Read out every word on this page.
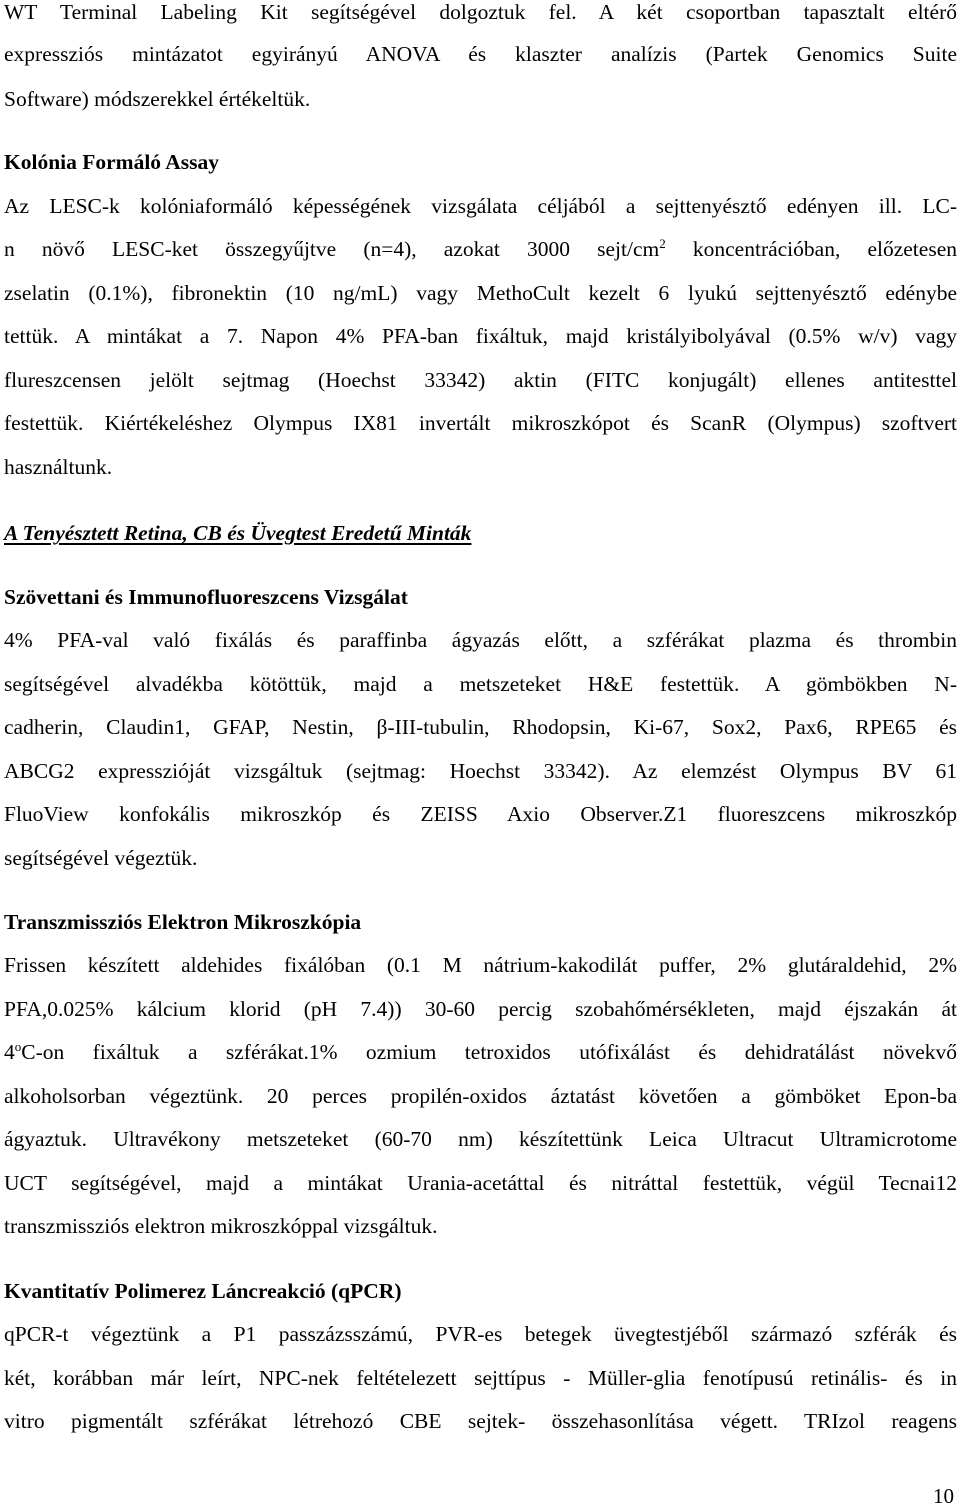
WT Terminal Labeling Kit segítségével dolgoztuk fel. A két csoportban tapasztalt eltérő
expressziós mintázatot egyirányú ANOVA és klaszter analízis (Partek Genomics Suite
Software) módszerekkel értékeltük.
Kolónia Formáló Assay
Az LESC-k kolóniaformáló képességének vizsgálata céljából a sejttenyésztő edényen ill. LC-
n növő LESC-ket összegyűjtve (n=4), azokat 3000 sejt/$cm^2$ koncentrációban, előzetesen
zselatin (0.1%), fibronektin (10 ng/mL) vagy MethoCult kezelt 6 lyukú sejttenyésztő edénybe
tettük. A mintákat a 7. Napon 4% PFA-ban fixáltuk, majd kristályibolyával (0.5% w/v) vagy
flureszcensen jelölt sejtmag (Hoechst 33342) aktin (FITC konjugált) ellenes antitesttel
festettük. Kiértékeléshez Olympus IX81 invertált mikroszkópot és ScanR (Olympus) szoftvert
használtunk.
A Tenyésztett Retina, CB és Üvegtest Eredetű Minták
Szövettani és Immunofluoreszcens Vizsgálat
4% PFA-val való fixálás és paraffinba ágyazás előtt, a szférákat plazma és thrombin
segítségével alvadékba kötöttük, majd a metszeteket H&E festettük. A gömbökben N-
cadherin, Claudin1, GFAP, Nestin, β-III-tubulin, Rhodopsin, Ki-67, Sox2, Pax6, RPE65 és
ABCG2 expresszióját vizsgáltuk (sejtmag: Hoechst 33342). Az elemzést Olympus BV 61
FluoView konfokális mikroszkóp és ZEISS Axio Observer.Z1 fluoreszcens mikroszkóp
segítségével végeztük.
Transzmissziós Elektron Mikroszkópia
Frissen készített aldehides fixálóban (0.1 M nátrium-kakodilát puffer, 2% glutáraldehid, 2%
PFA,0.025% kálcium klorid (pH 7.4)) 30-60 percig szobahőmérsékleten, majd éjszakán át
4$^o$C-on fixáltuk a szférákat.1% ozmium tetroxidos utófixálást és dehidratálást növekvő
alkoholsorban végeztünk. 20 perces propilén-oxidos áztatást követően a gömböket Epon-ba
ágyaztuk. Ultravékony metszeteket (60-70 nm) készítettünk Leica Ultracut Ultramicrotome
UCT segítségével, majd a mintákat Urania-acetáttal és nitráttal festettük, végül Tecnai12
transzmissziós elektron mikroszkóppal vizsgáltuk.
Kvantitatív Polimerez Láncreakció (qPCR)
qPCR-t végeztünk a P1 passzázsszámú, PVR-es betegek üvegtestjéből származó szférák és
két, korábban már leírt, NPC-nek feltételezett sejttípus - Müller-glia fenotípusú retinális- és in
vitro pigmentált szférákat létrehozó CBE sejtek- összehasonlítása végett. TRIzol reagens
10
